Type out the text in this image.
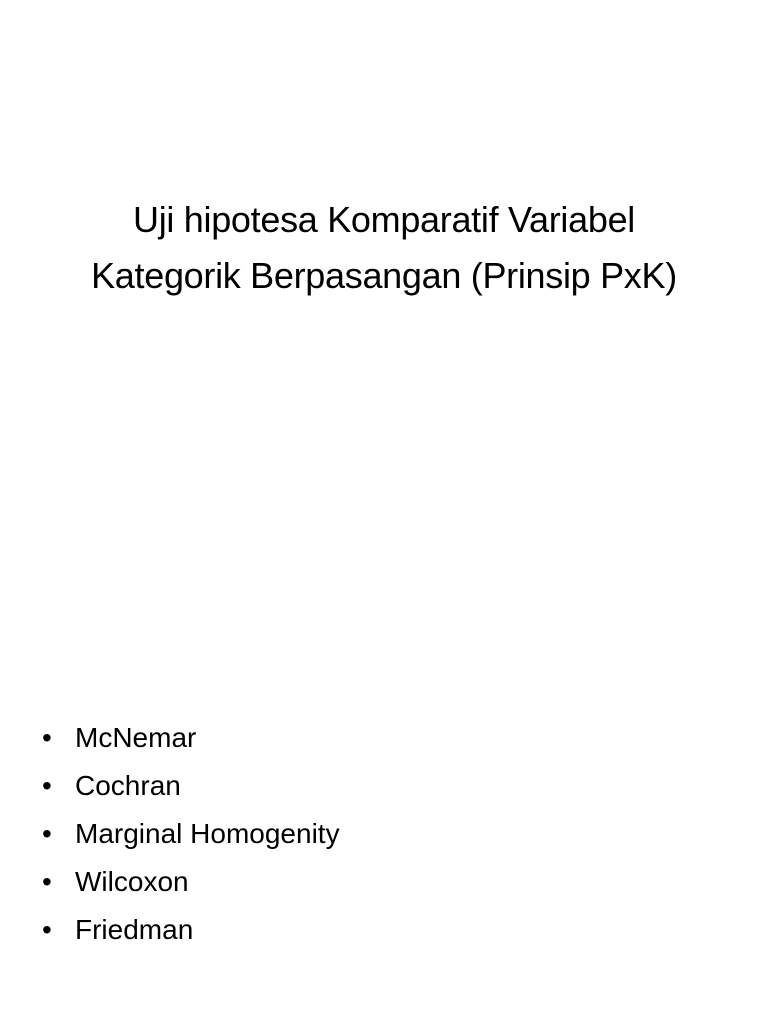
Uji hipotesa Komparatif Variabel
Kategorik Berpasangan (Prinsip PxK)
• McNemar
• Cochran
• Marginal Homogenity
• Wilcoxon
• Friedman
